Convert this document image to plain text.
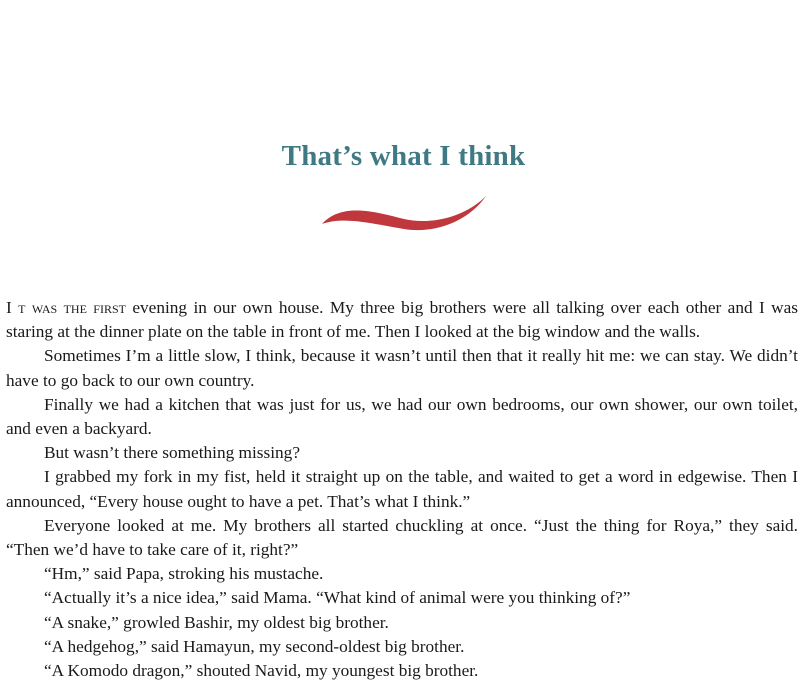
That’s what I think

I t was the first evening in our own house. My three big brothers were all talking over each other and I was staring at the dinner plate on the table in front of me. Then I looked at the big window and the walls.

Sometimes I’m a little slow, I think, because it wasn’t until then that it really hit me: we can stay. We didn’t have to go back to our own country.

Finally we had a kitchen that was just for us, we had our own bedrooms, our own shower, our own toilet, and even a backyard.

But wasn’t there something missing?

I grabbed my fork in my fist, held it straight up on the table, and waited to get a word in edgewise. Then I announced, “Every house ought to have a pet. That’s what I think.”

Everyone looked at me. My brothers all started chuckling at once. “Just the thing for Roya,” they said. “Then we’d have to take care of it, right?”

“Hm,” said Papa, stroking his mustache.

“Actually it’s a nice idea,” said Mama. “What kind of animal were you thinking of?”

“A snake,” growled Bashir, my oldest big brother.

“A hedgehog,” said Hamayun, my second-oldest big brother.

“A Komodo dragon,” shouted Navid, my youngest big brother.
